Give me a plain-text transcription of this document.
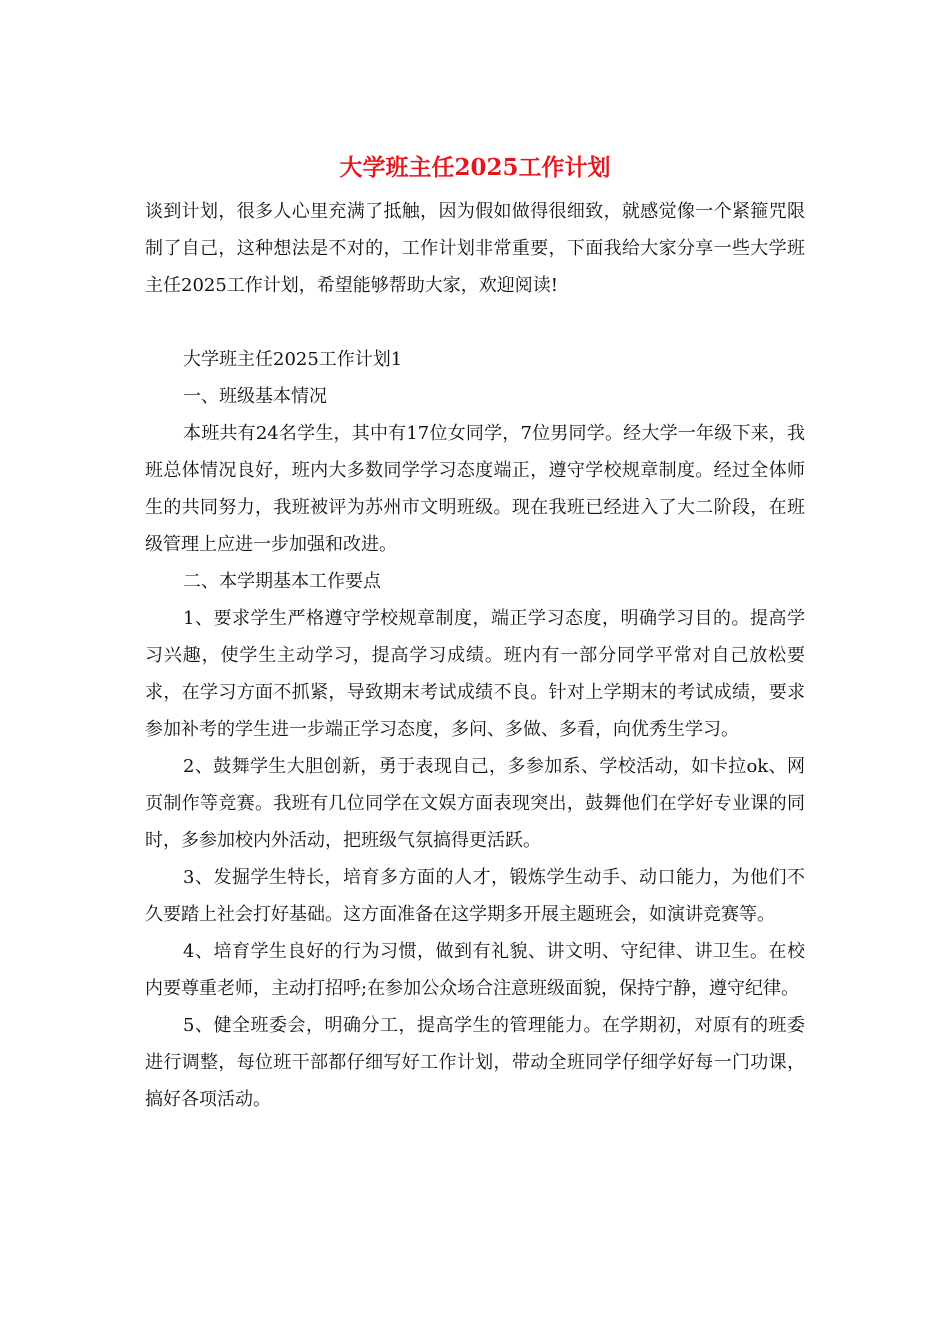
大学班主任2025工作计划

谈到计划，很多人心里充满了抵触，因为假如做得很细致，就感觉像一个紧箍咒限制了自己，这种想法是不对的，工作计划非常重要，下面我给大家分享一些大学班主任2025工作计划，希望能够帮助大家，欢迎阅读!

大学班主任2025工作计划1

一、班级基本情况

本班共有24名学生，其中有17位女同学，7位男同学。经大学一年级下来，我班总体情况良好，班内大多数同学学习态度端正，遵守学校规章制度。经过全体师生的共同努力，我班被评为苏州市文明班级。现在我班已经进入了大二阶段，在班级管理上应进一步加强和改进。

二、本学期基本工作要点

1、要求学生严格遵守学校规章制度，端正学习态度，明确学习目的。提高学习兴趣，使学生主动学习，提高学习成绩。班内有一部分同学平常对自己放松要求，在学习方面不抓紧，导致期末考试成绩不良。针对上学期末的考试成绩，要求参加补考的学生进一步端正学习态度，多问、多做、多看，向优秀生学习。

2、鼓舞学生大胆创新，勇于表现自己，多参加系、学校活动，如卡拉ok、网页制作等竞赛。我班有几位同学在文娱方面表现突出，鼓舞他们在学好专业课的同时，多参加校内外活动，把班级气氛搞得更活跃。

3、发掘学生特长，培育多方面的人才，锻炼学生动手、动口能力，为他们不久要踏上社会打好基础。这方面准备在这学期多开展主题班会，如演讲竞赛等。

4、培育学生良好的行为习惯，做到有礼貌、讲文明、守纪律、讲卫生。在校内要尊重老师，主动打招呼;在参加公众场合注意班级面貌，保持宁静，遵守纪律。

5、健全班委会，明确分工，提高学生的管理能力。在学期初，对原有的班委进行调整，每位班干部都仔细写好工作计划，带动全班同学仔细学好每一门功课，搞好各项活动。
